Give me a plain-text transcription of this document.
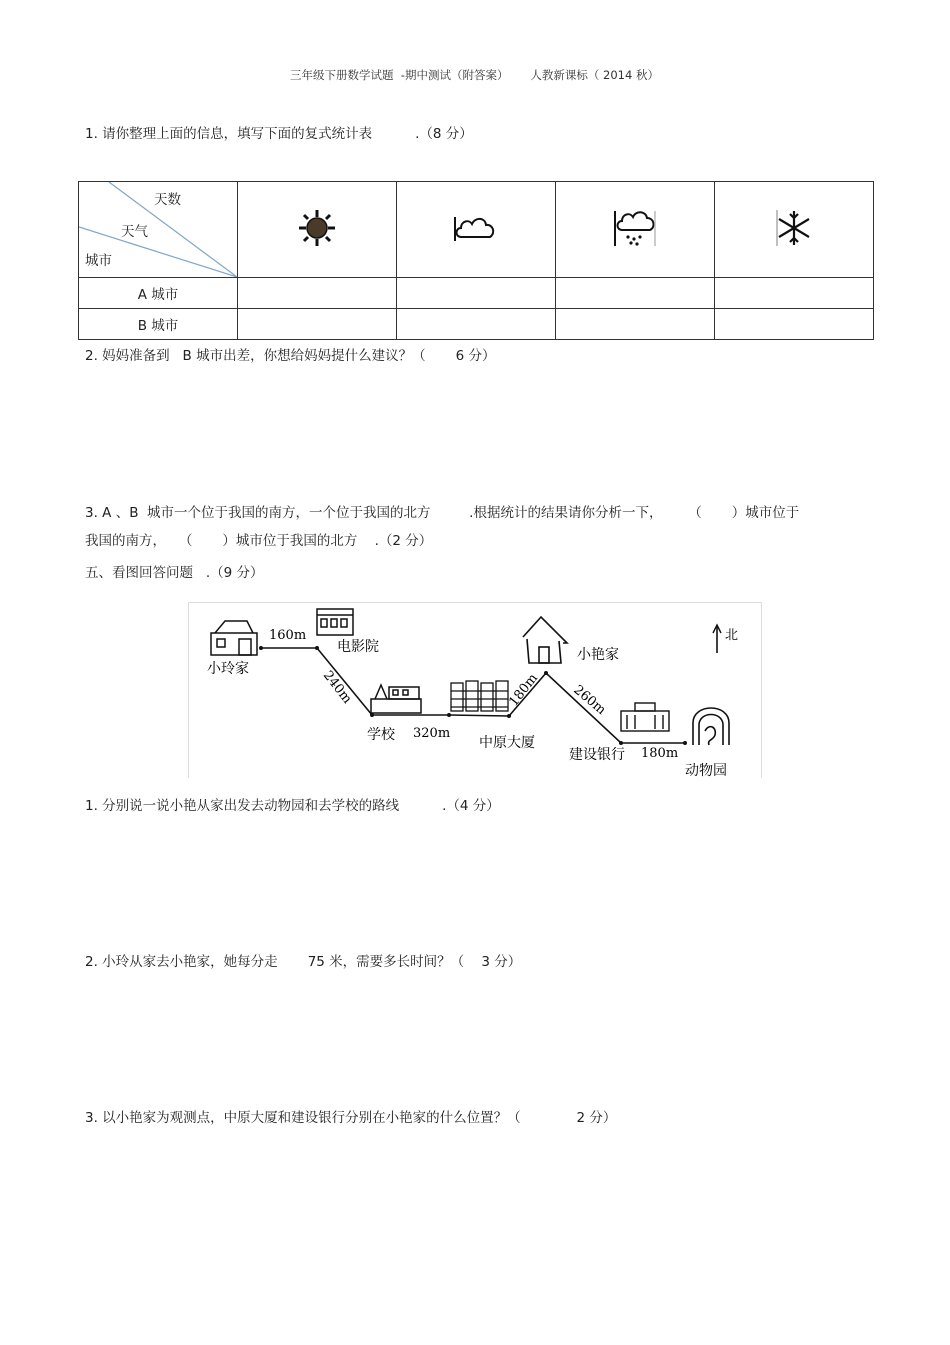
三年级下册数学试题  -期中测试（附答案）      人教新课标（ 2014 秋）
1. 请你整理上面的信息，填写下面的复式统计表          .（8 分）
天数
天气
城市

A 城市				
B 城市				
2. 妈妈准备到   B 城市出差，你想给妈妈提什么建议？（       6 分）
3. A 、B  城市一个位于我国的南方，一个位于我国的北方         .根据统计的结果请你分析一下，      （       ）城市位于
我国的南方，   （       ）城市位于我国的北方    .（2 分）
五、看图回答问题   .（9 分）
小玲家
电影院
学校	中原大厦
小艳家
建设银行
动物园
北
160m
240m
320m
180m 260m
180m
1. 分别说一说小艳从家出发去动物园和去学校的路线          .（4 分）
2. 小玲从家去小艳家，她每分走       75 米，需要多长时间？（    3 分）
3. 以小艳家为观测点，中原大厦和建设银行分别在小艳家的什么位置？（             2 分）
